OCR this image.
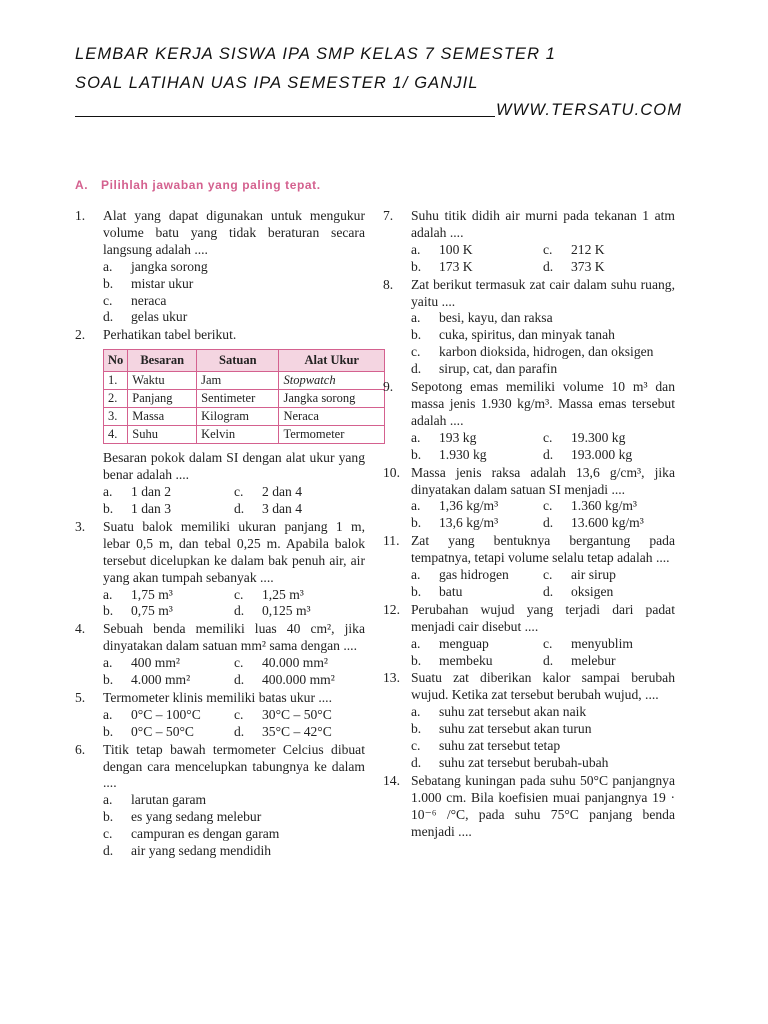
LEMBAR KERJA SISWA IPA SMP KELAS 7 SEMESTER 1
SOAL LATIHAN UAS IPA SEMESTER 1/ GANJIL
WWW.TERSATU.COM
A. Pilihlah jawaban yang paling tepat.
1. Alat yang dapat digunakan untuk mengukur volume batu yang tidak beraturan secara langsung adalah ....
a.	jangka sorong
b.	mistar ukur
c.	neraca
d.	gelas ukur
2. Perhatikan tabel berikut.
No	Besaran	Satuan	Alat Ukur
1.	Waktu	Jam	Stopwatch
2.	Panjang	Sentimeter	Jangka sorong
3.	Massa	Kilogram	Neraca
4.	Suhu	Kelvin	Termometer
Besaran pokok dalam SI dengan alat ukur yang benar adalah ....
a.	1 dan 2	c.	2 dan 4
b.	1 dan 3	d.	3 dan 4
3. Suatu balok memiliki ukuran panjang 1 m, lebar 0,5 m, dan tebal 0,25 m. Apabila balok tersebut dicelupkan ke dalam bak penuh air, air yang akan tumpah sebanyak ....
a.	1,75 m³	c.	1,25 m³
b.	0,75 m³	d.	0,125 m³
4. Sebuah benda memiliki luas 40 cm², jika dinyatakan dalam satuan mm² sama dengan ....
a.	400 mm²	c.	40.000 mm²
b.	4.000 mm²	d.	400.000 mm²
5. Termometer klinis memiliki batas ukur ....
a.	0°C – 100°C c.	30°C – 50°C
b.	0°C – 50°C	d.	35°C – 42°C
6. Titik tetap bawah termometer Celcius dibuat dengan cara mencelupkan tabungnya ke dalam ....
a.	larutan garam
b.	es yang sedang melebur
c.	campuran es dengan garam
d.	air yang sedang mendidih
7. Suhu titik didih air murni pada tekanan 1 atm adalah ....
a.	100 K	c.	212 K
b.	173 K	d.	373 K
8. Zat berikut termasuk zat cair dalam suhu ruang, yaitu ....
a.	besi, kayu, dan raksa
b.	cuka, spiritus, dan minyak tanah
c.	karbon dioksida, hidrogen, dan oksigen
d.	sirup, cat, dan parafin
9. Sepotong emas memiliki volume 10 m³ dan massa jenis 1.930 kg/m³. Massa emas tersebut adalah ....
a.	193 kg	c.	19.300 kg
b.	1.930 kg	d.	193.000 kg
10. Massa jenis raksa adalah 13,6 g/cm³, jika dinyatakan dalam satuan SI menjadi ....
a.	1,36 kg/m³	c.	1.360 kg/m³
b.	13,6 kg/m³	d.	13.600 kg/m³
11. Zat yang bentuknya bergantung pada tempatnya, tetapi volume selalu tetap adalah ....
a.	gas hidrogen	c.	air sirup
b.	batu	d.	oksigen
12. Perubahan wujud yang terjadi dari padat menjadi cair disebut ....
a.	menguap	c.	menyublim
b.	membeku	d.	melebur
13. Suatu zat diberikan kalor sampai berubah wujud. Ketika zat tersebut berubah wujud, ....
a.	suhu zat tersebut akan naik
b.	suhu zat tersebut akan turun
c.	suhu zat tersebut tetap
d.	suhu zat tersebut berubah-ubah
14. Sebatang kuningan pada suhu 50°C panjangnya 1.000 cm. Bila koefisien muai panjangnya 19 · 10⁻⁶ /°C, pada suhu 75°C panjang benda menjadi ....
